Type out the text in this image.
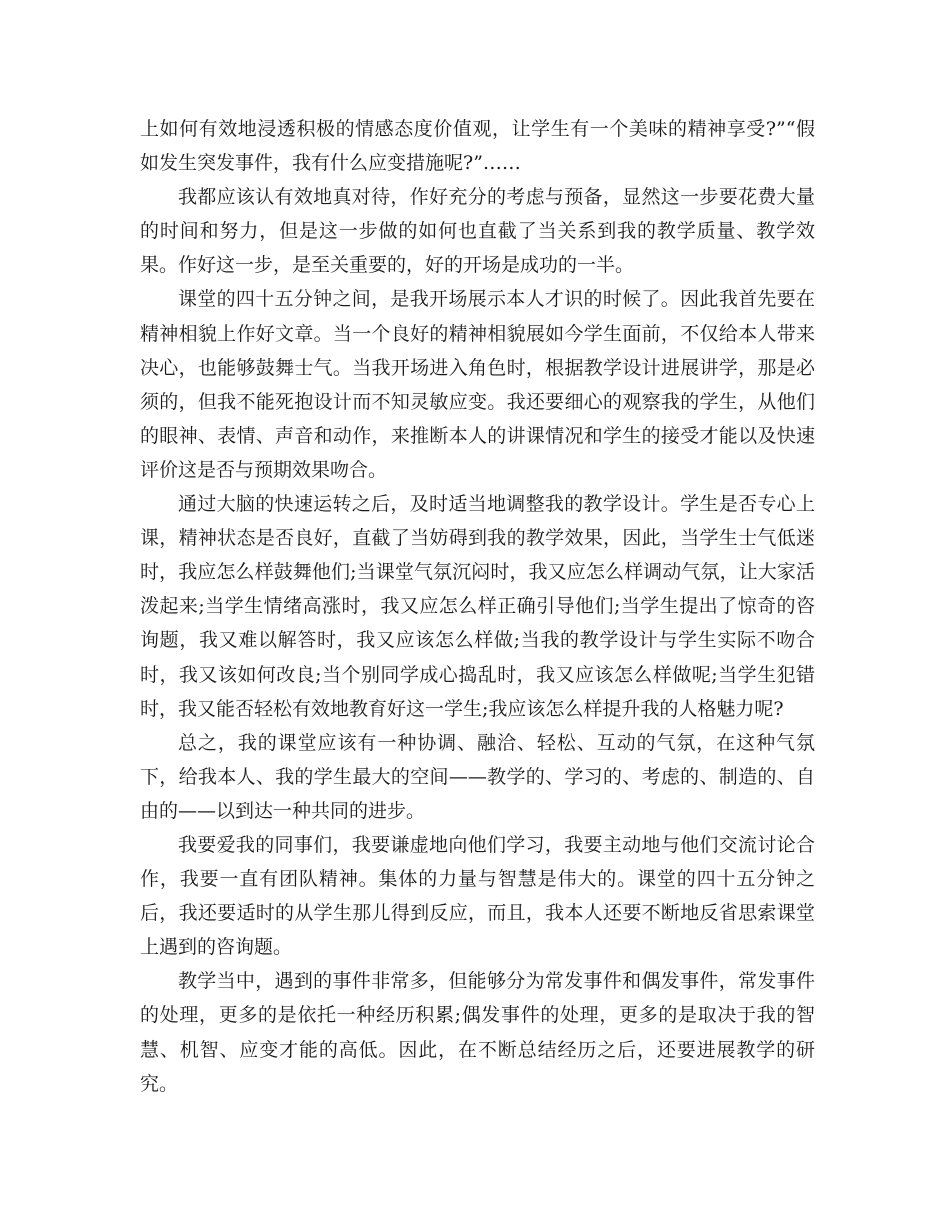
上如何有效地浸透积极的情感态度价值观，让学生有一个美味的精神享受?”“假如发生突发事件，我有什么应变措施呢?”……

我都应该认有效地真对待，作好充分的考虑与预备，显然这一步要花费大量的时间和努力，但是这一步做的如何也直截了当关系到我的教学质量、教学效果。作好这一步，是至关重要的，好的开场是成功的一半。

课堂的四十五分钟之间，是我开场展示本人才识的时候了。因此我首先要在精神相貌上作好文章。当一个良好的精神相貌展如今学生面前，不仅给本人带来决心，也能够鼓舞士气。当我开场进入角色时，根据教学设计进展讲学，那是必须的，但我不能死抱设计而不知灵敏应变。我还要细心的观察我的学生，从他们的眼神、表情、声音和动作，来推断本人的讲课情况和学生的接受才能以及快速评价这是否与预期效果吻合。

通过大脑的快速运转之后，及时适当地调整我的教学设计。学生是否专心上课，精神状态是否良好，直截了当妨碍到我的教学效果，因此，当学生士气低迷时，我应怎么样鼓舞他们;当课堂气氛沉闷时，我又应怎么样调动气氛，让大家活泼起来;当学生情绪高涨时，我又应怎么样正确引导他们;当学生提出了惊奇的咨询题，我又难以解答时，我又应该怎么样做;当我的教学设计与学生实际不吻合时，我又该如何改良;当个别同学成心捣乱时，我又应该怎么样做呢;当学生犯错时，我又能否轻松有效地教育好这一学生;我应该怎么样提升我的人格魅力呢?

总之，我的课堂应该有一种协调、融洽、轻松、互动的气氛，在这种气氛下，给我本人、我的学生最大的空间——教学的、学习的、考虑的、制造的、自由的——以到达一种共同的进步。

我要爱我的同事们，我要谦虚地向他们学习，我要主动地与他们交流讨论合作，我要一直有团队精神。集体的力量与智慧是伟大的。课堂的四十五分钟之后，我还要适时的从学生那儿得到反应，而且，我本人还要不断地反省思索课堂上遇到的咨询题。

教学当中，遇到的事件非常多，但能够分为常发事件和偶发事件，常发事件的处理，更多的是依托一种经历积累;偶发事件的处理，更多的是取决于我的智慧、机智、应变才能的高低。因此，在不断总结经历之后，还要进展教学的研究。
